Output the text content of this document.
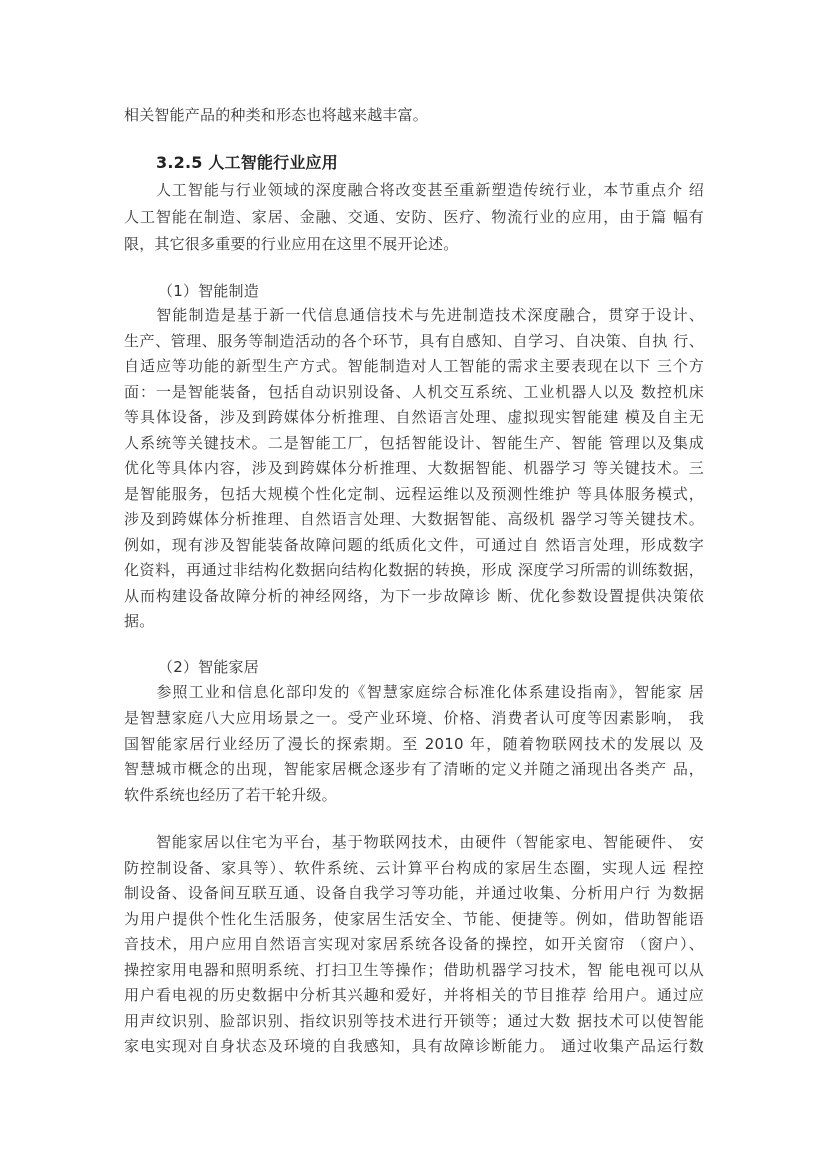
相关智能产品的种类和形态也将越来越丰富。
3.2.5 人工智能行业应用
　　人工智能与行业领域的深度融合将改变甚至重新塑造传统行业，本节重点介 绍
人工智能在制造、家居、金融、交通、安防、医疗、物流行业的应用，由于篇 幅有
限，其它很多重要的行业应用在这里不展开论述。
（1）智能制造
　　智能制造是基于新一代信息通信技术与先进制造技术深度融合，贯穿于设计、
生产、管理、服务等制造活动的各个环节，具有自感知、自学习、自决策、自执 行、
自适应等功能的新型生产方式。智能制造对人工智能的需求主要表现在以下 三个方
面：一是智能装备，包括自动识别设备、人机交互系统、工业机器人以及 数控机床
等具体设备，涉及到跨媒体分析推理、自然语言处理、虚拟现实智能建 模及自主无
人系统等关键技术。二是智能工厂，包括智能设计、智能生产、智能 管理以及集成
优化等具体内容，涉及到跨媒体分析推理、大数据智能、机器学习 等关键技术。三
是智能服务，包括大规模个性化定制、远程运维以及预测性维护 等具体服务模式，
涉及到跨媒体分析推理、自然语言处理、大数据智能、高级机 器学习等关键技术。
例如，现有涉及智能装备故障问题的纸质化文件，可通过自 然语言处理，形成数字
化资料，再通过非结构化数据向结构化数据的转换，形成 深度学习所需的训练数据，
从而构建设备故障分析的神经网络，为下一步故障诊 断、优化参数设置提供决策依
据。
（2）智能家居
　　参照工业和信息化部印发的《智慧家庭综合标准化体系建设指南》，智能家 居
是智慧家庭八大应用场景之一。受产业环境、价格、消费者认可度等因素影响， 我
国智能家居行业经历了漫长的探索期。至 2010 年，随着物联网技术的发展以 及
智慧城市概念的出现，智能家居概念逐步有了清晰的定义并随之涌现出各类产 品，
软件系统也经历了若干轮升级。
　　智能家居以住宅为平台，基于物联网技术，由硬件（智能家电、智能硬件、 安
防控制设备、家具等）、软件系统、云计算平台构成的家居生态圈，实现人远 程控
制设备、设备间互联互通、设备自我学习等功能，并通过收集、分析用户行 为数据
为用户提供个性化生活服务，使家居生活安全、节能、便捷等。例如，借助智能语
音技术，用户应用自然语言实现对家居系统各设备的操控，如开关窗帘 （窗户）、
操控家用电器和照明系统、打扫卫生等操作；借助机器学习技术，智 能电视可以从
用户看电视的历史数据中分析其兴趣和爱好，并将相关的节目推荐 给用户。通过应
用声纹识别、脸部识别、指纹识别等技术进行开锁等；通过大数 据技术可以使智能
家电实现对自身状态及环境的自我感知，具有故障诊断能力。 通过收集产品运行数
